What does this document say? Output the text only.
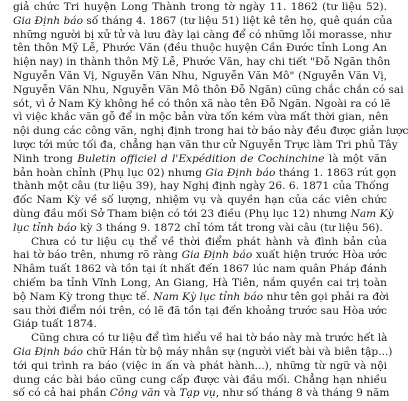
giả chức Tri huyện Long Thành trong tờ ngày 11. 1862 (tư liệu 52).
Gia Định báo số tháng 4. 1867 (tư liệu 51) liệt kê tên họ, quê quán của
những người bị xử tử và lưu đày lại càng để có những lỗi morasse, như
tên thôn Mỹ Lễ, Phước Văn (đều thuộc huyện Cần Đước tỉnh Long An
hiện nay) in thành thôn Mỹ Lễ, Phước Văn, hay chi tiết "Đỗ Ngãn thôn
Nguyễn Văn Vị, Nguyễn Văn Nhu, Nguyễn Văn Mô" (Nguyễn Văn Vị,
Nguyễn Văn Nhu, Nguyễn Văn Mô thôn Đỗ Ngãn) cũng chắc chắn có sai
sót, vì ở Nam Kỳ không hề có thôn xã nào tên Đỗ Ngãn. Ngoài ra có lẽ
vì việc khắc văn gỗ để in mộc bản vừa tốn kém vừa mất thời gian, nên
nội dung các công văn, nghị định trong hai tờ báo này đều được giản lược
lược tới mức tối đa, chẳng hạn văn thư cử Nguyễn Trực làm Tri phủ Tây
Ninh trong Buletin officiel d l'Expédition de Cochinchine là một văn
bản hoàn chỉnh (Phụ lục 02) nhưng Gia Định báo tháng 1. 1863 rút gọn
thành một câu (tư liệu 39), hay Nghị định ngày 26. 6. 1871 của Thống
đốc Nam Kỳ về số lượng, nhiệm vụ và quyền hạn của các viên chức
dùng đầu mối Sở Tham biện có tới 23 điều (Phụ lục 12) nhưng Nam Kỳ
lục tỉnh báo kỳ 3 tháng 9. 1872 chỉ tóm tắt trong vài câu (tư liệu 56).
Chưa có tư liệu cụ thể về thời điểm phát hành và đình bản của
hai tờ báo trên, nhưng rõ ràng Gia Định báo xuất hiện trước Hòa ước
Nhâm tuất 1862 và tồn tại ít nhất đến 1867 lúc nam quân Pháp đánh
chiếm ba tỉnh Vĩnh Long, An Giang, Hà Tiên, nắm quyền cai trị toàn
bộ Nam Kỳ trong thực tế. Nam Kỳ lục tỉnh báo như tên gọi phải ra đời
sau thời điểm nói trên, có lẽ đã tồn tại đến khoảng trước sau Hòa ước
Giáp tuất 1874.
Cũng chưa có tư liệu để tìm hiểu về hai tờ báo này mà trước hết là
Gia Định báo chữ Hán từ bộ máy nhân sự (người viết bài và biên tập...)
tới qui trình ra báo (việc in ấn và phát hành...), những từ ngữ và nội
dung các bài báo cũng cung cấp được vài đầu mối. Chẳng hạn nhiều
số có cả hai phần Công văn và Tạp vụ, như số tháng 8 và tháng 9 năm
